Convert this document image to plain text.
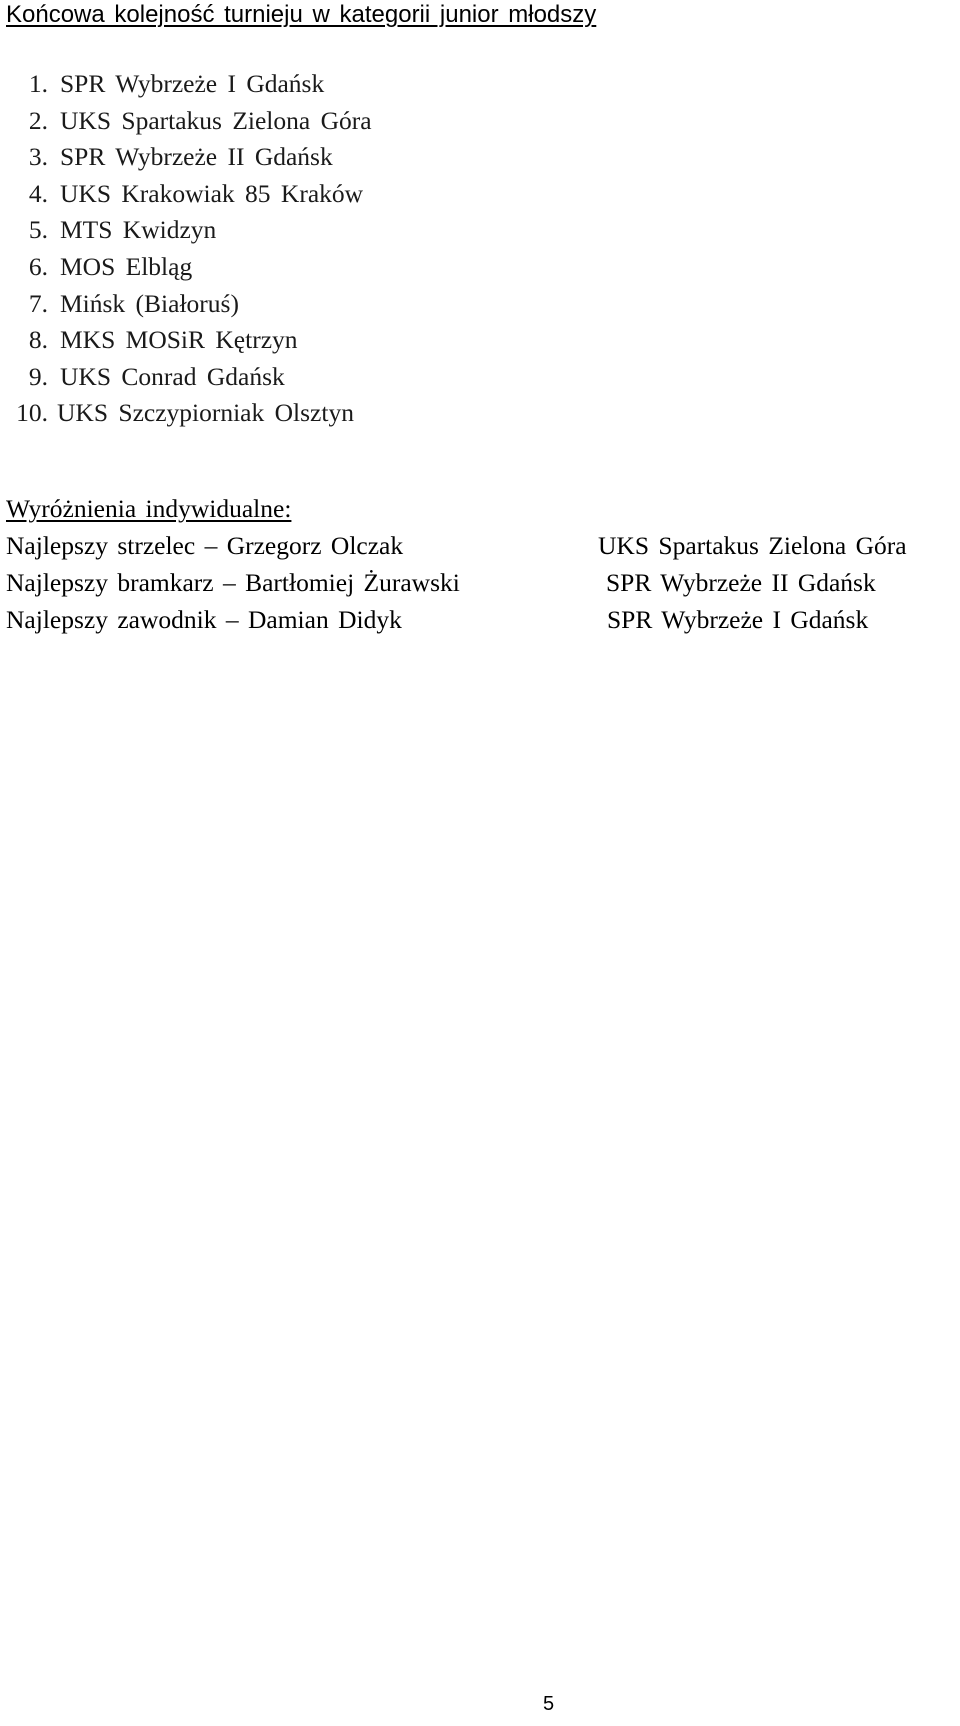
Końcowa kolejność turnieju w kategorii junior młodszy
1. SPR Wybrzeże I Gdańsk
2. UKS Spartakus Zielona Góra
3. SPR Wybrzeże II Gdańsk
4. UKS Krakowiak 85 Kraków
5. MTS Kwidzyn
6. MOS Elbląg
7. Mińsk (Białoruś)
8. MKS MOSiR Kętrzyn
9. UKS Conrad Gdańsk
10. UKS Szczypiorniak Olsztyn
Wyróżnienia indywidualne:
Najlepszy strzelec – Grzegorz Olczak	UKS Spartakus Zielona Góra
Najlepszy bramkarz – Bartłomiej Żurawski	SPR Wybrzeże II Gdańsk
Najlepszy zawodnik – Damian Didyk	SPR Wybrzeże I Gdańsk
5
